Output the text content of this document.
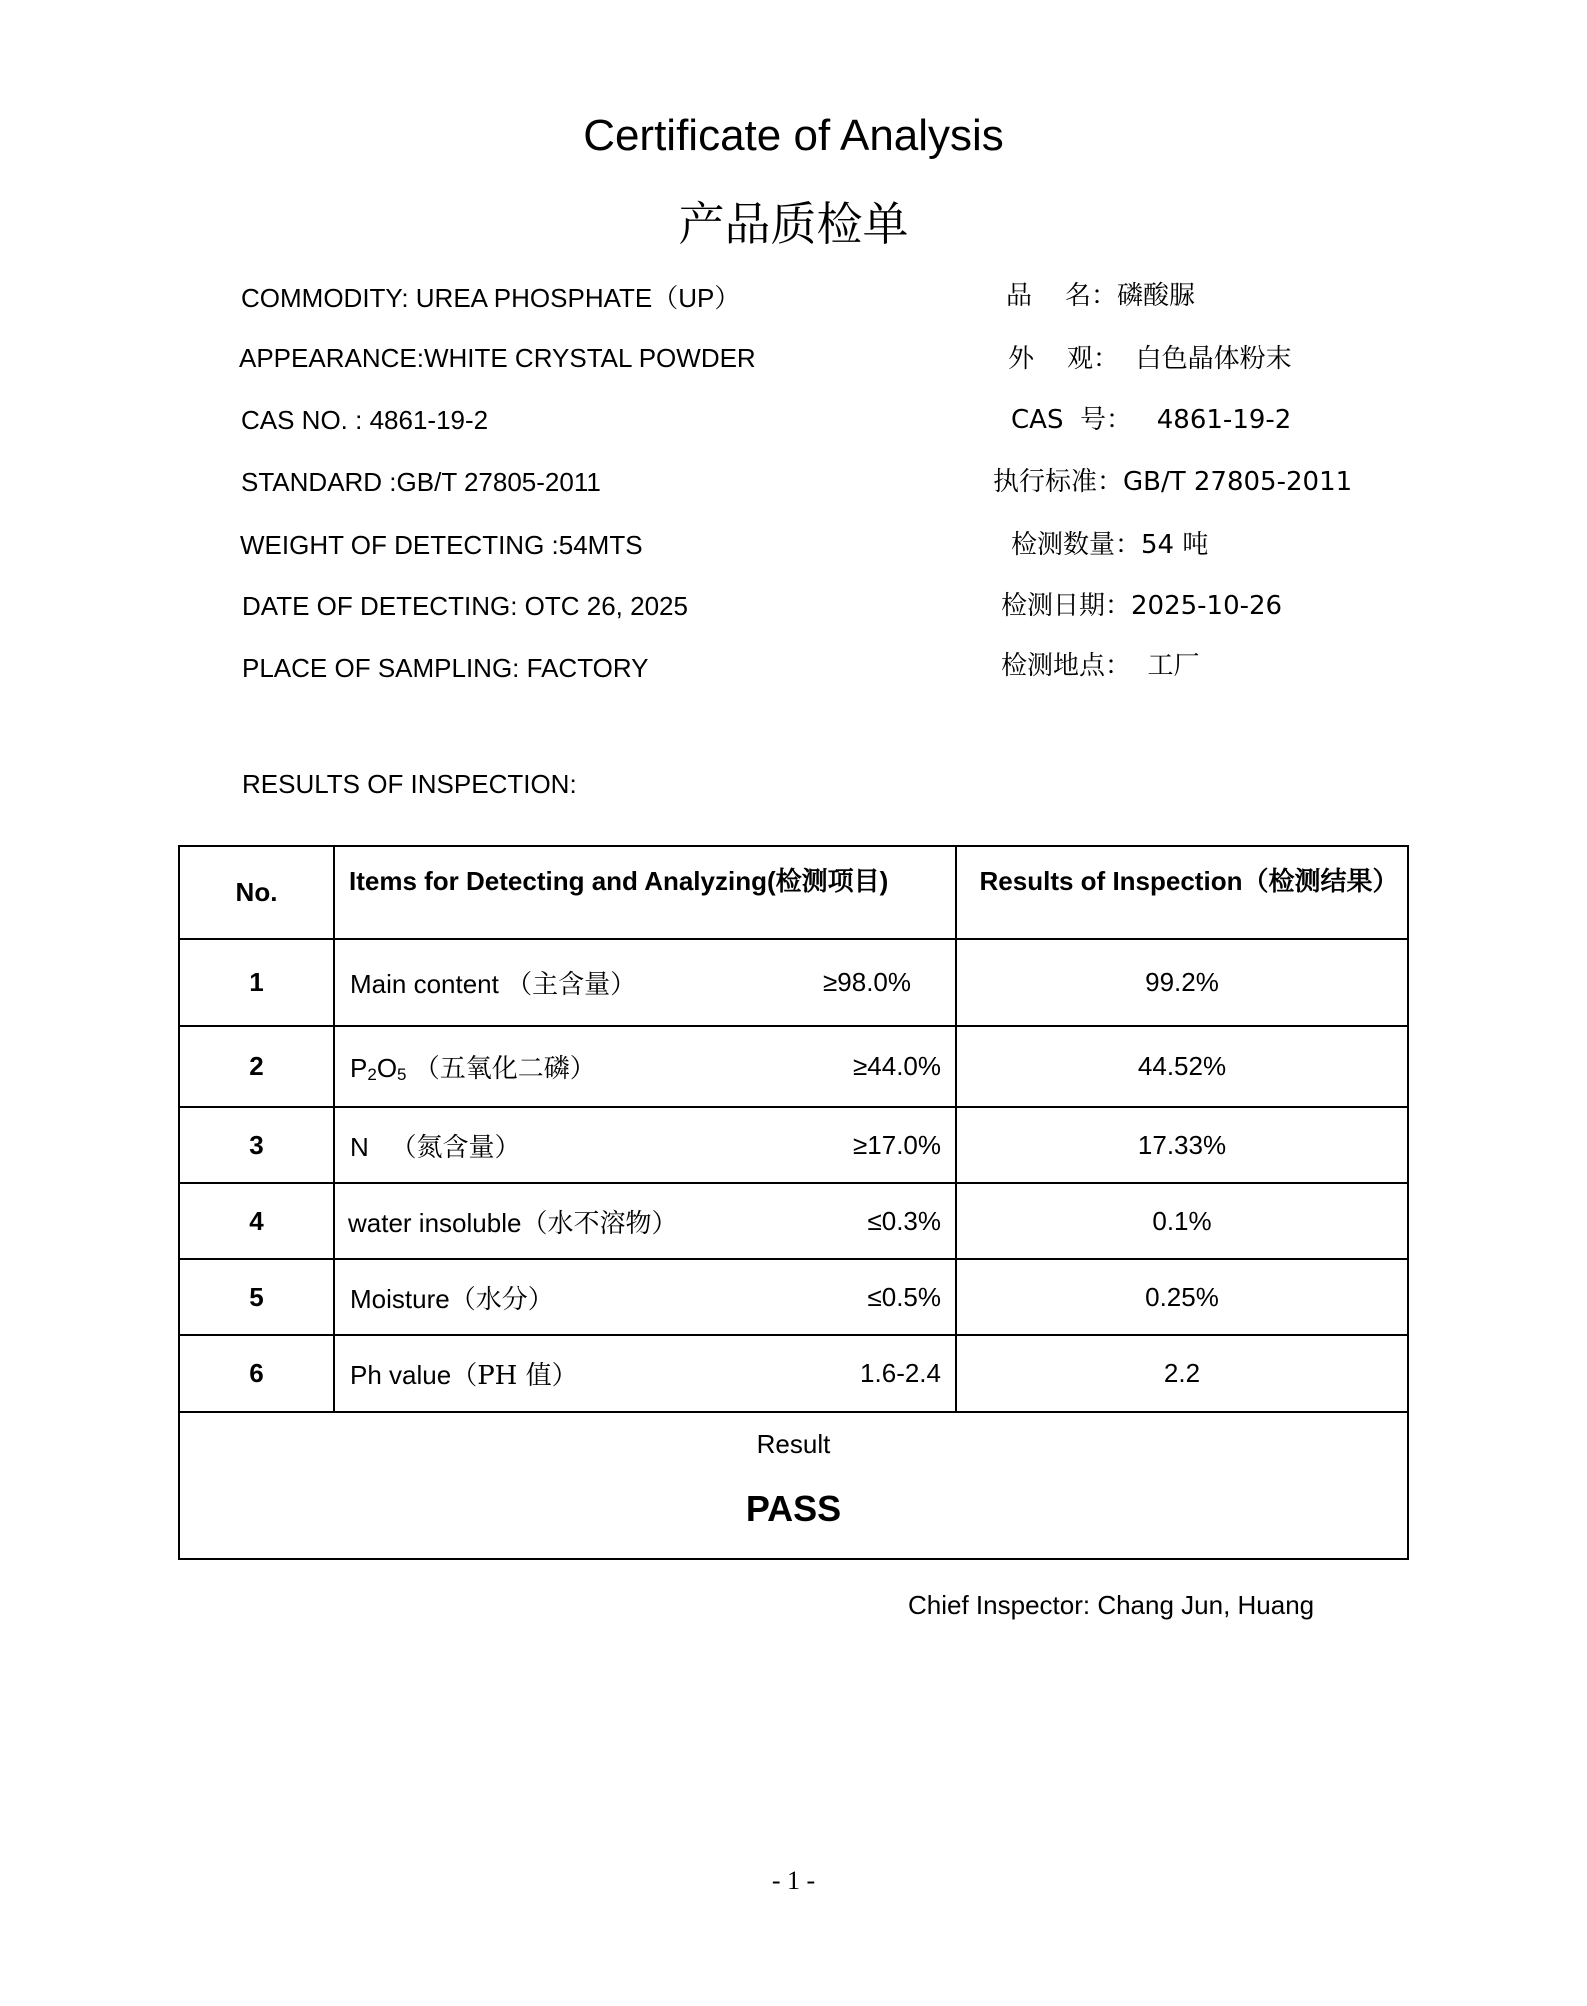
Certificate of Analysis
产品质检单
COMMODITY: UREA PHOSPHATE（UP）
APPEARANCE:WHITE CRYSTAL POWDER
CAS NO. : 4861-19-2
STANDARD :GB/T 27805-2011
WEIGHT OF DETECTING :54MTS
DATE OF DETECTING: OTC 26, 2025
PLACE OF SAMPLING: FACTORY
品    名：磷酸脲
外    观：  白色晶体粉末
CAS  号：   4861-19-2
执行标准：GB/T 27805-2011
检测数量：54 吨
检测日期：2025-10-26
检测地点：  工厂
RESULTS OF INSPECTION:
No.	Items for Detecting and Analyzing(检测项目)	Results of Inspection（检测结果）
1	Main content （主含量） ≥98.0%	99.2%
2	$P_2O_5$ （五氧化二磷） ≥44.0%	44.52%
3	N （氮含量） ≥17.0%	17.33%
4	water insoluble（水不溶物） ≤0.3%	0.1%
5	Moisture（水分） ≤0.5%	0.25%
6	Ph value（PH 值） 1.6-2.4	2.2

Result
PASS		
Chief Inspector: Chang Jun, Huang
- 1 -
